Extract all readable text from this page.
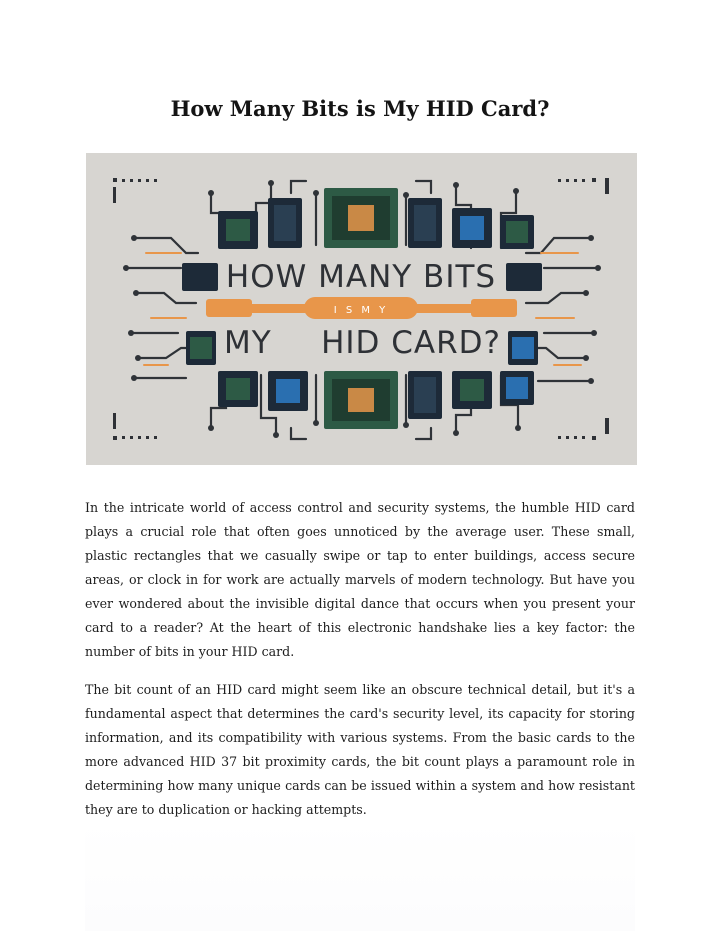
How Many Bits is My HID Card?
HOW MANY BITS
I S M Y
MY HID CARD?

In the intricate world of access control and security systems, the humble HID card plays a crucial role that often goes unnoticed by the average user. These small, plastic rectangles that we casually swipe or tap to enter buildings, access secure areas, or clock in for work are actually marvels of modern technology. But have you ever wondered about the invisible digital dance that occurs when you present your card to a reader? At the heart of this electronic handshake lies a key factor: the number of bits in your HID card.

The bit count of an HID card might seem like an obscure technical detail, but it's a fundamental aspect that determines the card's security level, its capacity for storing information, and its compatibility with various systems. From the basic cards to the more advanced HID 37 bit proximity cards, the bit count plays a paramount role in determining how many unique cards can be issued within a system and how resistant they are to duplication or hacking attempts.
